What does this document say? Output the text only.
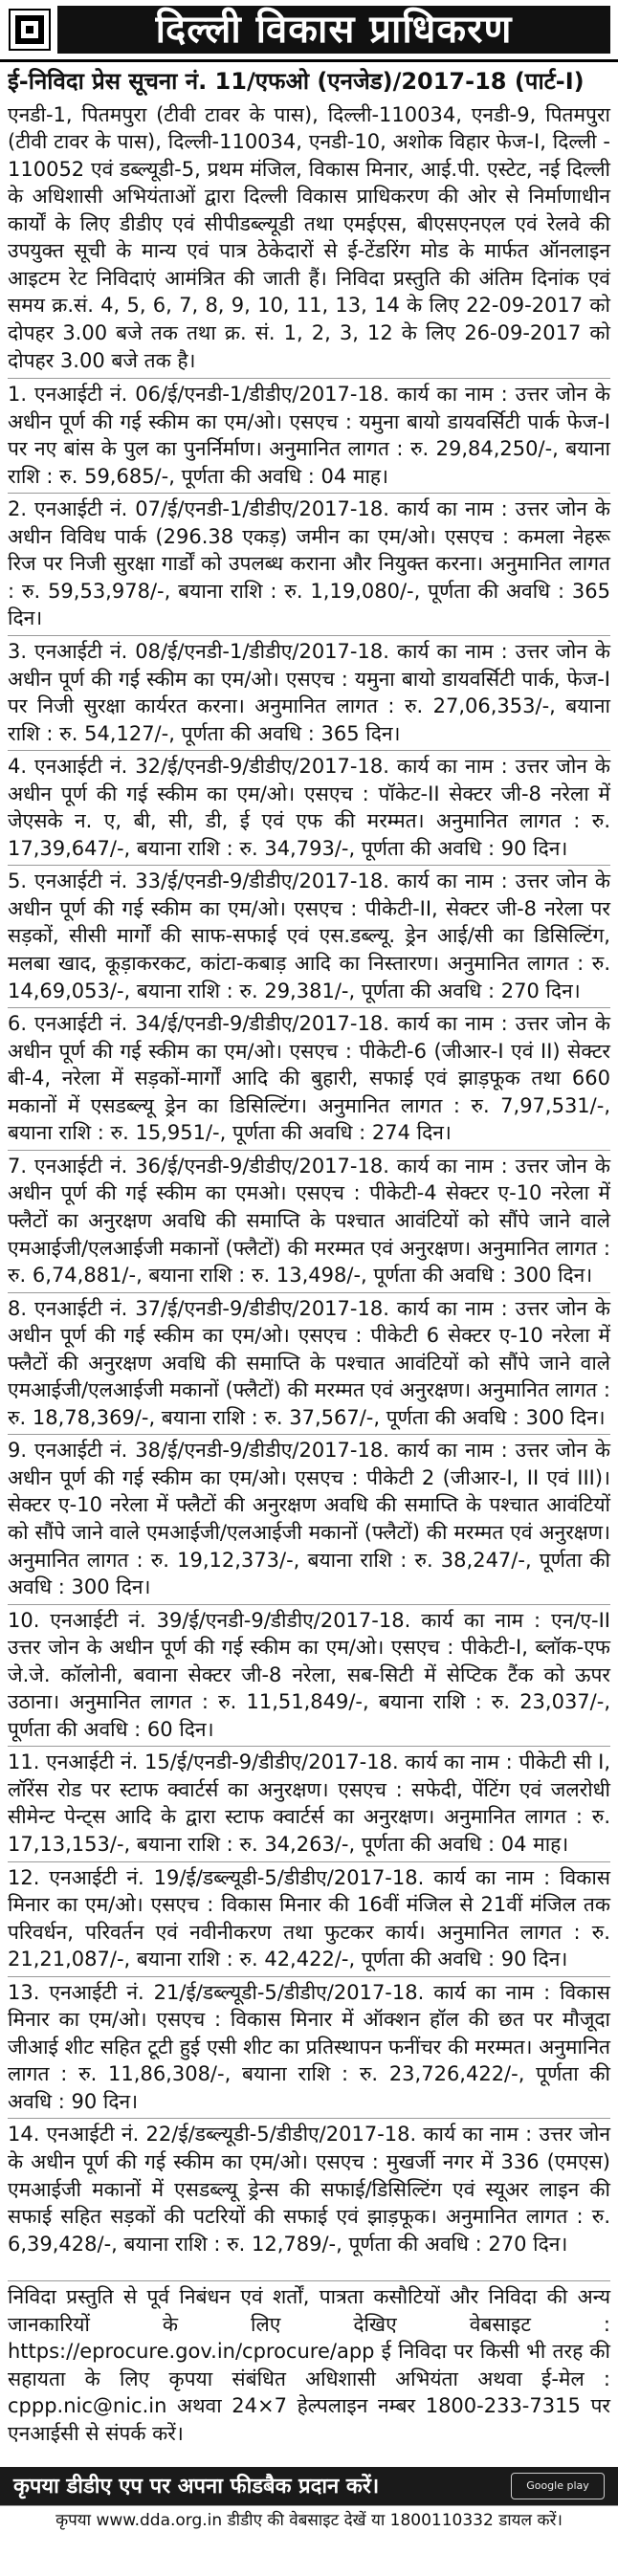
दिल्ली विकास प्राधिकरण
ई-निविदा प्रेस सूचना नं. 11/एफओ (एनजेड)/2017-18 (पार्ट-I)

एनडी-1, पितमपुरा (टीवी टावर के पास), दिल्ली-110034, एनडी-9, पितमपुरा (टीवी टावर के पास), दिल्ली-110034, एनडी-10, अशोक विहार फेज-I, दिल्ली - 110052 एवं डब्ल्यूडी-5, प्रथम मंजिल, विकास मिनार, आई.पी. एस्टेट, नई दिल्ली के अधिशासी अभियंताओं द्वारा दिल्ली विकास प्राधिकरण की ओर से निर्माणाधीन कार्यों के लिए डीडीए एवं सीपीडब्ल्यूडी तथा एमईएस, बीएसएनएल एवं रेलवे की उपयुक्त सूची के मान्य एवं पात्र ठेकेदारों से ई-टेंडरिंग मोड के मार्फत ऑनलाइन आइटम रेट निविदाएं आमंत्रित की जाती हैं। निविदा प्रस्तुति की अंतिम दिनांक एवं समय क्र.सं. 4, 5, 6, 7, 8, 9, 10, 11, 13, 14 के लिए 22-09-2017 को दोपहर 3.00 बजे तक तथा क्र. सं. 1, 2, 3, 12 के लिए 26-09-2017 को दोपहर 3.00 बजे तक है।

1. एनआईटी नं. 06/ई/एनडी-1/डीडीए/2017-18. कार्य का नाम : उत्तर जोन के अधीन पूर्ण की गई स्कीम का एम/ओ। एसएच : यमुना बायो डायवर्सिटी पार्क फेज-I पर नए बांस के पुल का पुनर्निर्माण। अनुमानित लागत : रु. 29,84,250/-, बयाना राशि : रु. 59,685/-, पूर्णता की अवधि : 04 माह।

2. एनआईटी नं. 07/ई/एनडी-1/डीडीए/2017-18. कार्य का नाम : उत्तर जोन के अधीन विविध पार्क (296.38 एकड़) जमीन का एम/ओ। एसएच : कमला नेहरू रिज पर निजी सुरक्षा गार्डों को उपलब्ध कराना और नियुक्त करना। अनुमानित लागत : रु. 59,53,978/-, बयाना राशि : रु. 1,19,080/-, पूर्णता की अवधि : 365 दिन।

3. एनआईटी नं. 08/ई/एनडी-1/डीडीए/2017-18. कार्य का नाम : उत्तर जोन के अधीन पूर्ण की गई स्कीम का एम/ओ। एसएच : यमुना बायो डायवर्सिटी पार्क, फेज-I पर निजी सुरक्षा कार्यरत करना। अनुमानित लागत : रु. 27,06,353/-, बयाना राशि : रु. 54,127/-, पूर्णता की अवधि : 365 दिन।

4. एनआईटी नं. 32/ई/एनडी-9/डीडीए/2017-18. कार्य का नाम : उत्तर जोन के अधीन पूर्ण की गई स्कीम का एम/ओ। एसएच : पॉकेट-II सेक्टर जी-8 नरेला में जेएसके न. ए, बी, सी, डी, ई एवं एफ की मरम्मत। अनुमानित लागत : रु. 17,39,647/-, बयाना राशि : रु. 34,793/-, पूर्णता की अवधि : 90 दिन।

5. एनआईटी नं. 33/ई/एनडी-9/डीडीए/2017-18. कार्य का नाम : उत्तर जोन के अधीन पूर्ण की गई स्कीम का एम/ओ। एसएच : पीकेटी-II, सेक्टर जी-8 नरेला पर सड़कों, सीसी मार्गों की साफ-सफाई एवं एस.डब्ल्यू. ड्रेन आई/सी का डिसिल्टिंग, मलबा खाद, कूड़ाकरकट, कांटा-कबाड़ आदि का निस्तारण। अनुमानित लागत : रु. 14,69,053/-, बयाना राशि : रु. 29,381/-, पूर्णता की अवधि : 270 दिन।

6. एनआईटी नं. 34/ई/एनडी-9/डीडीए/2017-18. कार्य का नाम : उत्तर जोन के अधीन पूर्ण की गई स्कीम का एम/ओ। एसएच : पीकेटी-6 (जीआर-I एवं II) सेक्टर बी-4, नरेला में सड़कों-मार्गों आदि की बुहारी, सफाई एवं झाड़फूक तथा 660 मकानों में एसडब्ल्यू ड्रेन का डिसिल्टिंग। अनुमानित लागत : रु. 7,97,531/-, बयाना राशि : रु. 15,951/-, पूर्णता की अवधि : 274 दिन।

7. एनआईटी नं. 36/ई/एनडी-9/डीडीए/2017-18. कार्य का नाम : उत्तर जोन के अधीन पूर्ण की गई स्कीम का एमओ। एसएच : पीकेटी-4 सेक्टर ए-10 नरेला में फ्लैटों का अनुरक्षण अवधि की समाप्ति के पश्चात आवंटियों को सौंपे जाने वाले एमआईजी/एलआईजी मकानों (फ्लैटों) की मरम्मत एवं अनुरक्षण। अनुमानित लागत : रु. 6,74,881/-, बयाना राशि : रु. 13,498/-, पूर्णता की अवधि : 300 दिन।

8. एनआईटी नं. 37/ई/एनडी-9/डीडीए/2017-18. कार्य का नाम : उत्तर जोन के अधीन पूर्ण की गई स्कीम का एम/ओ। एसएच : पीकेटी 6 सेक्टर ए-10 नरेला में फ्लैटों की अनुरक्षण अवधि की समाप्ति के पश्चात आवंटियों को सौंपे जाने वाले एमआईजी/एलआईजी मकानों (फ्लैटों) की मरम्मत एवं अनुरक्षण। अनुमानित लागत : रु. 18,78,369/-, बयाना राशि : रु. 37,567/-, पूर्णता की अवधि : 300 दिन।

9. एनआईटी नं. 38/ई/एनडी-9/डीडीए/2017-18. कार्य का नाम : उत्तर जोन के अधीन पूर्ण की गई स्कीम का एम/ओ। एसएच : पीकेटी 2 (जीआर-I, II एवं III)। सेक्टर ए-10 नरेला में फ्लैटों की अनुरक्षण अवधि की समाप्ति के पश्चात आवंटियों को सौंपे जाने वाले एमआईजी/एलआईजी मकानों (फ्लैटों) की मरम्मत एवं अनुरक्षण। अनुमानित लागत : रु. 19,12,373/-, बयाना राशि : रु. 38,247/-, पूर्णता की अवधि : 300 दिन।

10. एनआईटी नं. 39/ई/एनडी-9/डीडीए/2017-18. कार्य का नाम : एन/ए-II उत्तर जोन के अधीन पूर्ण की गई स्कीम का एम/ओ। एसएच : पीकेटी-I, ब्लॉक-एफ जे.जे. कॉलोनी, बवाना सेक्टर जी-8 नरेला, सब-सिटी में सेप्टिक टैंक को ऊपर उठाना। अनुमानित लागत : रु. 11,51,849/-, बयाना राशि : रु. 23,037/-, पूर्णता की अवधि : 60 दिन।

11. एनआईटी नं. 15/ई/एनडी-9/डीडीए/2017-18. कार्य का नाम : पीकेटी सी I, लॉरेंस रोड पर स्टाफ क्वार्टर्स का अनुरक्षण। एसएच : सफेदी, पेंटिंग एवं जलरोधी सीमेन्ट पेन्ट्स आदि के द्वारा स्टाफ क्वार्टर्स का अनुरक्षण। अनुमानित लागत : रु. 17,13,153/-, बयाना राशि : रु. 34,263/-, पूर्णता की अवधि : 04 माह।

12. एनआईटी नं. 19/ई/डब्ल्यूडी-5/डीडीए/2017-18. कार्य का नाम : विकास मिनार का एम/ओ। एसएच : विकास मिनार की 16वीं मंजिल से 21वीं मंजिल तक परिवर्धन, परिवर्तन एवं नवीनीकरण तथा फुटकर कार्य। अनुमानित लागत : रु. 21,21,087/-, बयाना राशि : रु. 42,422/-, पूर्णता की अवधि : 90 दिन।

13. एनआईटी नं. 21/ई/डब्ल्यूडी-5/डीडीए/2017-18. कार्य का नाम : विकास मिनार का एम/ओ। एसएच : विकास मिनार में ऑक्शन हॉल की छत पर मौजूदा जीआई शीट सहित टूटी हुई एसी शीट का प्रतिस्थापन फनींचर की मरम्मत। अनुमानित लागत : रु. 11,86,308/-, बयाना राशि : रु. 23,726,422/-, पूर्णता की अवधि : 90 दिन।

14. एनआईटी नं. 22/ई/डब्ल्यूडी-5/डीडीए/2017-18. कार्य का नाम : उत्तर जोन के अधीन पूर्ण की गई स्कीम का एम/ओ। एसएच : मुखर्जी नगर में 336 (एमएस) एमआईजी मकानों में एसडब्ल्यू ड्रेन्स की सफाई/डिसिल्टिंग एवं स्यूअर लाइन की सफाई सहित सड़कों की पटरियों की सफाई एवं झाड़फूक। अनुमानित लागत : रु. 6,39,428/-, बयाना राशि : रु. 12,789/-, पूर्णता की अवधि : 270 दिन।

निविदा प्रस्तुति से पूर्व निबंधन एवं शर्तों, पात्रता कसौटियों और निविदा की अन्य जानकारियों के लिए देखिए वेबसाइट : https://eprocure.gov.in/cprocure/app ई निविदा पर किसी भी तरह की सहायता के लिए कृपया संबंधित अधिशासी अभियंता अथवा ई-मेल : cppp.nic@nic.in अथवा 24×7 हेल्पलाइन नम्बर 1800-233-7315 पर एनआईसी से संपर्क करें।

कृपया डीडीए एप पर अपना फीडबैक प्रदान करें।	Google play
कृपया www.dda.org.in डीडीए की वेबसाइट देखें या 1800110332 डायल करें।
